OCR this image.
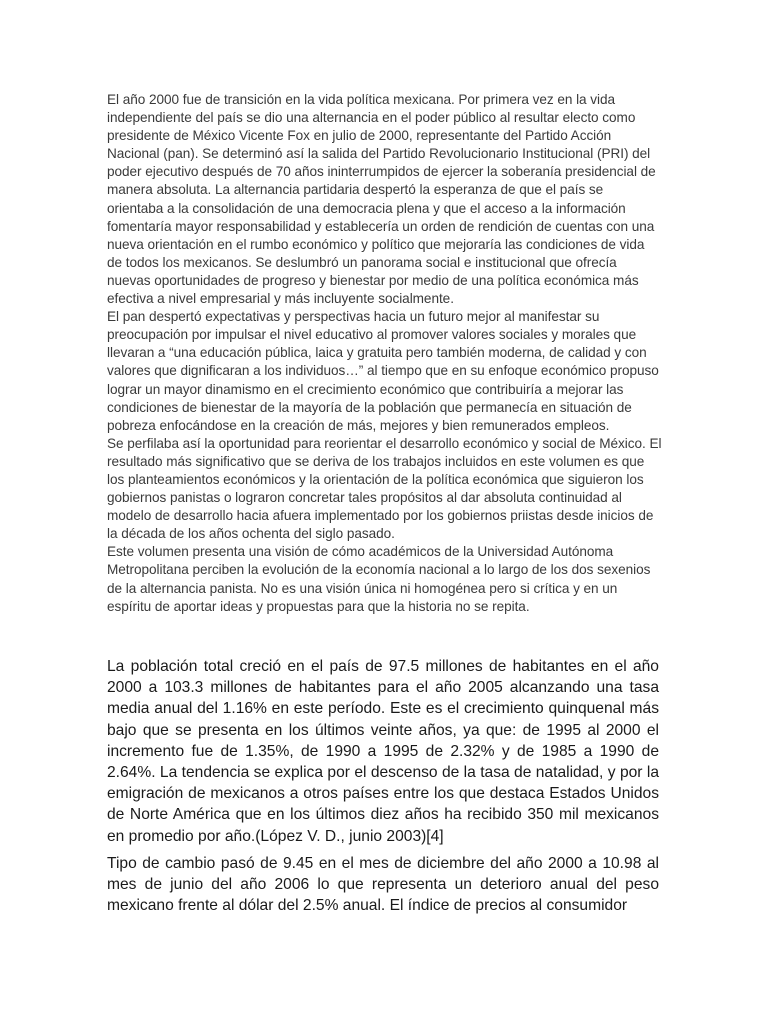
El año 2000 fue de transición en la vida política mexicana. Por primera vez en la vida independiente del país se dio una alternancia en el poder público al resultar electo como presidente de México Vicente Fox en julio de 2000, representante del Partido Acción Nacional (pan). Se determinó así la salida del Partido Revolucionario Institucional (PRI) del poder ejecutivo después de 70 años ininterrumpidos de ejercer la soberanía presidencial de manera absoluta. La alternancia partidaria despertó la esperanza de que el país se orientaba a la consolidación de una democracia plena y que el acceso a la información fomentaría mayor responsabilidad y establecería un orden de rendición de cuentas con una nueva orientación en el rumbo económico y político que mejoraría las condiciones de vida de todos los mexicanos. Se deslumbró un panorama social e institucional que ofrecía nuevas oportunidades de progreso y bienestar por medio de una política económica más efectiva a nivel empresarial y más incluyente socialmente.

El pan despertó expectativas y perspectivas hacia un futuro mejor al manifestar su preocupación por impulsar el nivel educativo al promover valores sociales y morales que llevaran a “una educación pública, laica y gratuita pero también moderna, de calidad y con valores que dignificaran a los individuos…” al tiempo que en su enfoque económico propuso lograr un mayor dinamismo en el crecimiento económico que contribuiría a mejorar las condiciones de bienestar de la mayoría de la población que permanecía en situación de pobreza enfocándose en la creación de más, mejores y bien remunerados empleos.

Se perfilaba así la oportunidad para reorientar el desarrollo económico y social de México. El resultado más significativo que se deriva de los trabajos incluidos en este volumen es que los planteamientos económicos y la orientación de la política económica que siguieron los gobiernos panistas o lograron concretar tales propósitos al dar absoluta continuidad al modelo de desarrollo hacia afuera implementado por los gobiernos priistas desde inicios de la década de los años ochenta del siglo pasado.

Este volumen presenta una visión de cómo académicos de la Universidad Autónoma Metropolitana perciben la evolución de la economía nacional a lo largo de los dos sexenios de la alternancia panista. No es una visión única ni homogénea pero si crítica y en un espíritu de aportar ideas y propuestas para que la historia no se repita.

La población total creció en el país de 97.5 millones de habitantes en el año 2000 a 103.3 millones de habitantes para el año 2005 alcanzando una tasa media anual del 1.16% en este período. Este es el crecimiento quinquenal más bajo que se presenta en los últimos veinte años, ya que: de 1995 al 2000 el incremento fue de 1.35%, de 1990 a 1995 de 2.32% y de 1985 a 1990 de 2.64%. La tendencia se explica por el descenso de la tasa de natalidad, y por la emigración de mexicanos a otros países entre los que destaca Estados Unidos de Norte América que en los últimos diez años ha recibido 350 mil mexicanos en promedio por año.(López V. D., junio 2003)[4]

Tipo de cambio pasó de 9.45 en el mes de diciembre del año 2000 a 10.98 al mes de junio del año 2006 lo que representa un deterioro anual del peso mexicano frente al dólar del 2.5% anual. El índice de precios al consumidor
